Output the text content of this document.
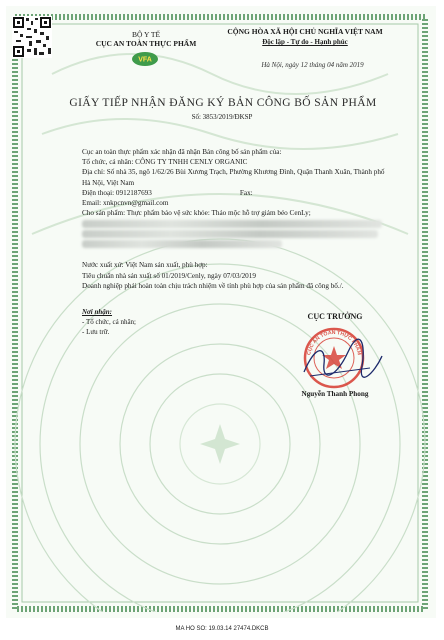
BỘ Y TẾ
CỤC AN TOÀN THỰC PHẨM
VFA
CỘNG HÒA XÃ HỘI CHỦ NGHĨA VIỆT NAM
Độc lập - Tự do - Hạnh phúc
Hà Nội, ngày 12 tháng 04 năm 2019
GIẤY TIẾP NHẬN ĐĂNG KÝ BẢN CÔNG BỐ SẢN PHẨM
Số: 3853/2019/ĐKSP
Cục an toàn thực phẩm xác nhận đã nhận Bản công bố sản phẩm của:
Tổ chức, cá nhân: CÔNG TY TNHH CENLY ORGANIC
Địa chỉ: Số nhà 35, ngõ 1/62/26 Bùi Xương Trạch, Phường Khương Đình, Quận Thanh Xuân, Thành phố Hà Nội, Việt Nam
Điện thoại: 0912187693	Fax:
Email: xnkpcnvn@gmail.com
Cho sản phẩm: Thực phẩm bảo vệ sức khỏe: Thảo mộc hỗ trợ giảm béo CenLy;
Nước xuất xứ: Việt Nam sản xuất, phù hợp:
Tiêu chuẩn nhà sản xuất số 01/2019/Cenly, ngày 07/03/2019
Doanh nghiệp phải hoàn toàn chịu trách nhiệm về tính phù hợp của sản phẩm đã công bố./.
Nơi nhận:
- Tổ chức, cá nhân;
- Lưu trữ.
CỤC TRƯỞNG
CỤC AN TOÀN THỰC PHẨM
Nguyễn Thanh Phong
MA HO SO: 19.03.14 27474.DKCB
